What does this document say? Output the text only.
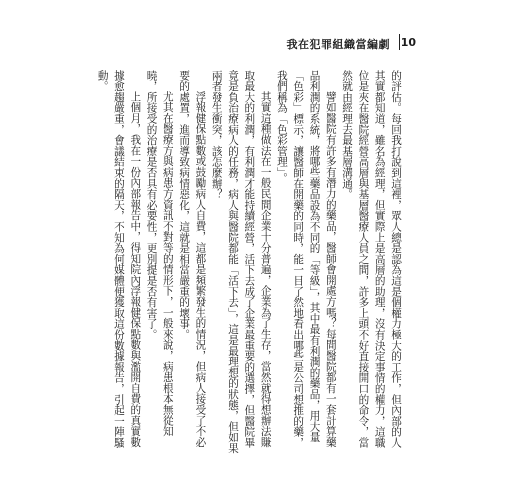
我在犯罪組織當編劇 10

的評估。每回我打說到這裡，眾人總是認為這是個權力極大的工作，但內部的人其實都知道，雖名為經理，但實際上是高層的助理，沒有決定事情的權力，這職位是夾在醫院經營高層與基層醫療人員之間，許多上頭不好直接開口的命令，當然就由經理去最基層溝通。

譬如醫院有許多有潛力的藥品，醫師會開處方嗎？每間醫院都有一套計算藥品利潤的系統，將哪些藥品設為不同的「等級」，其中最有利潤的藥品，用大量「色彩」標示，讓醫師在開藥的同時，能一目了然地看出哪些是公司想推的藥，我們稱為「色彩管理」。

其實這種做法在一般民間企業十分普遍，企業為了生存，當然就得想辦法賺取最大的利潤，有利潤才能持續經營，活下去成了企業最重要的選擇，但醫院畢竟是負治療病人的任務，病人與醫院都能「活下去」，這是最理想的狀態，但如果兩者發生衝突，該怎麼辦？

浮報健保點數或鼓勵病人自費，這都是頻繁發生的情況，但病人接受了不必要的處置，進而導致病情惡化，這就是相當嚴重的壞事。

尤其在醫療方與病患方資訊不對等的情形下，一般來說，病患根本無從知曉，所接受的治療是否具有必要性，更別提是否有害了。

上個月，我在一份內部報告中，得知院內浮報健保點數與濫開自費的真實數據愈趨嚴重，會議結束的隔天，不知為何媒體便獲取這份數據報告，引起一陣騷動。
